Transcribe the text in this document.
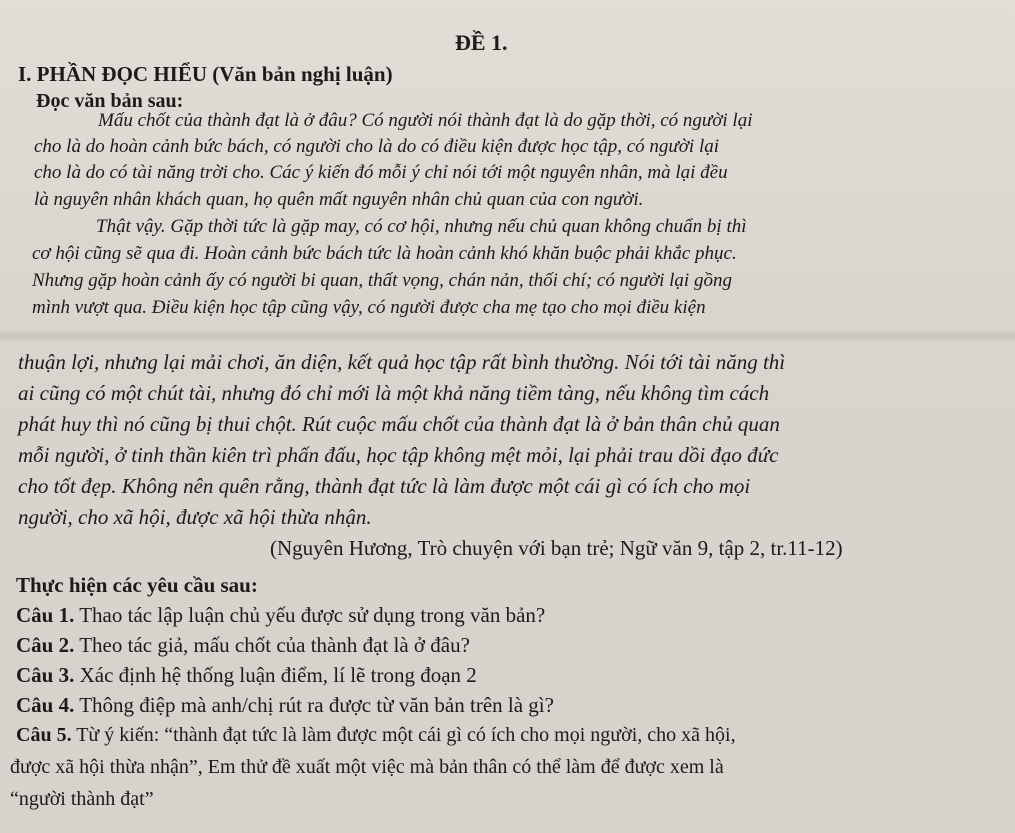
ĐỀ 1.
I. PHẦN ĐỌC HIỂU (Văn bản nghị luận)
Đọc văn bản sau:
Mấu chốt của thành đạt là ở đâu? Có người nói thành đạt là do gặp thời, có người lại
cho là do hoàn cảnh bức bách, có người cho là do có điều kiện được học tập, có người lại
cho là do có tài năng trời cho. Các ý kiến đó mỗi ý chỉ nói tới một nguyên nhân, mà lại đều
là nguyên nhân khách quan, họ quên mất nguyên nhân chủ quan của con người.
Thật vậy. Gặp thời tức là gặp may, có cơ hội, nhưng nếu chủ quan không chuẩn bị thì
cơ hội cũng sẽ qua đi. Hoàn cảnh bức bách tức là hoàn cảnh khó khăn buộc phải khắc phục.
Nhưng gặp hoàn cảnh ấy có người bi quan, thất vọng, chán nản, thối chí; có người lại gồng
mình vượt qua. Điều kiện học tập cũng vậy, có người được cha mẹ tạo cho mọi điều kiện
thuận lợi, nhưng lại mải chơi, ăn diện, kết quả học tập rất bình thường. Nói tới tài năng thì
ai cũng có một chút tài, nhưng đó chỉ mới là một khả năng tiềm tàng, nếu không tìm cách
phát huy thì nó cũng bị thui chột. Rút cuộc mấu chốt của thành đạt là ở bản thân chủ quan
mỗi người, ở tinh thần kiên trì phấn đấu, học tập không mệt mỏi, lại phải trau dồi đạo đức
cho tốt đẹp. Không nên quên rằng, thành đạt tức là làm được một cái gì có ích cho mọi
người, cho xã hội, được xã hội thừa nhận.
(Nguyên Hương, Trò chuyện với bạn trẻ; Ngữ văn 9, tập 2, tr.11-12)
Thực hiện các yêu cầu sau:
Câu 1. Thao tác lập luận chủ yếu được sử dụng trong văn bản?
Câu 2. Theo tác giả, mấu chốt của thành đạt là ở đâu?
Câu 3. Xác định hệ thống luận điểm, lí lẽ trong đoạn 2
Câu 4. Thông điệp mà anh/chị rút ra được từ văn bản trên là gì?
Câu 5. Từ ý kiến: “thành đạt tức là làm được một cái gì có ích cho mọi người, cho xã hội,
được xã hội thừa nhận”, Em thử đề xuất một việc mà bản thân có thể làm để được xem là
“người thành đạt”
